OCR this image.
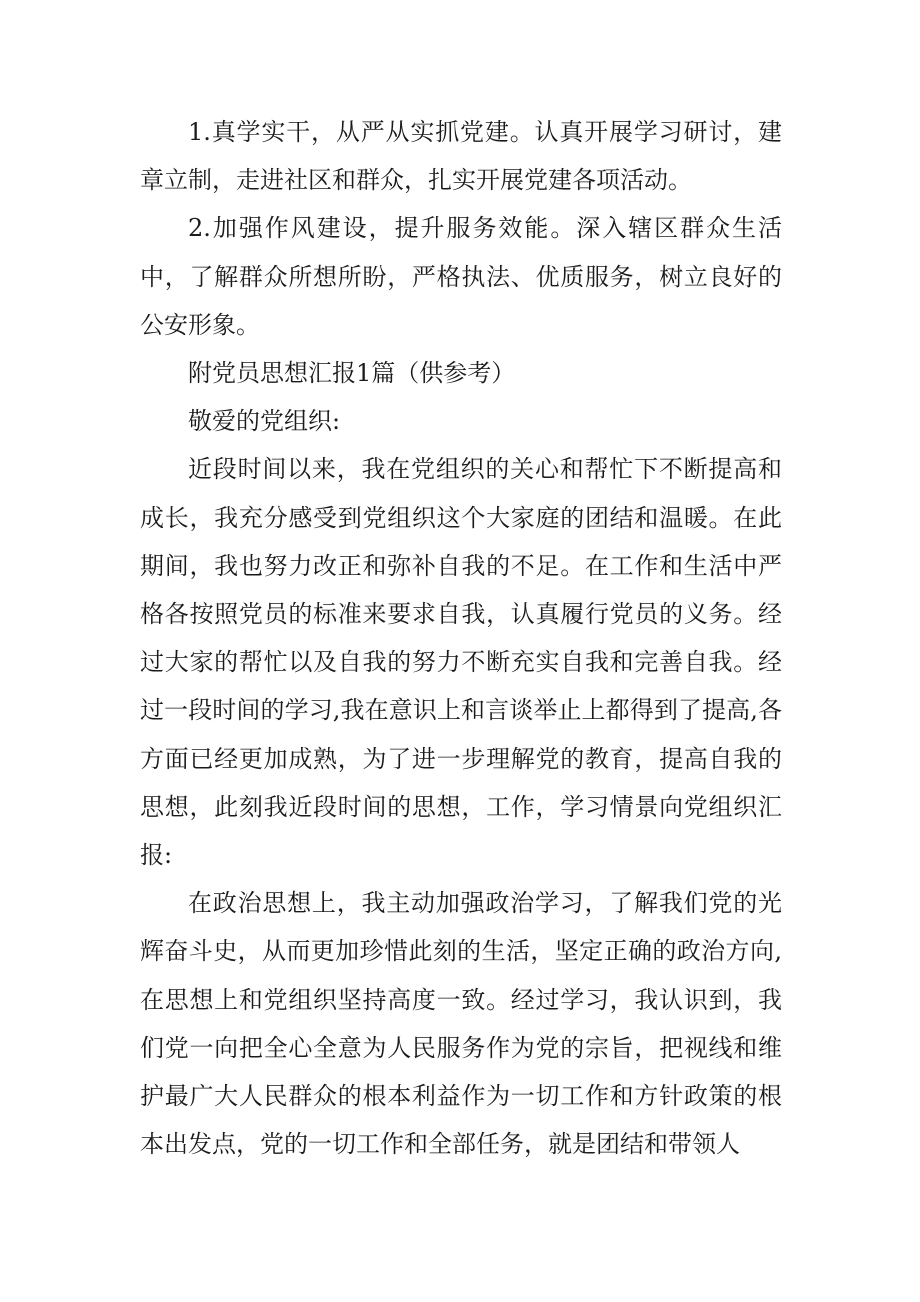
1.真学实干，从严从实抓党建。认真开展学习研讨，建章立制，走进社区和群众，扎实开展党建各项活动。

2.加强作风建设，提升服务效能。深入辖区群众生活中，了解群众所想所盼，严格执法、优质服务，树立良好的公安形象。

附党员思想汇报1篇（供参考）

敬爱的党组织:

近段时间以来，我在党组织的关心和帮忙下不断提高和成长，我充分感受到党组织这个大家庭的团结和温暖。在此期间，我也努力改正和弥补自我的不足。在工作和生活中严格各按照党员的标准来要求自我，认真履行党员的义务。经过大家的帮忙以及自我的努力不断充实自我和完善自我。经过一段时间的学习,我在意识上和言谈举止上都得到了提高,各方面已经更加成熟，为了进一步理解党的教育，提高自我的思想，此刻我近段时间的思想，工作，学习情景向党组织汇报:

在政治思想上，我主动加强政治学习，了解我们党的光辉奋斗史，从而更加珍惜此刻的生活，坚定正确的政治方向,在思想上和党组织坚持高度一致。经过学习，我认识到，我们党一向把全心全意为人民服务作为党的宗旨，把视线和维护最广大人民群众的根本利益作为一切工作和方针政策的根本出发点，党的一切工作和全部任务，就是团结和带领人
